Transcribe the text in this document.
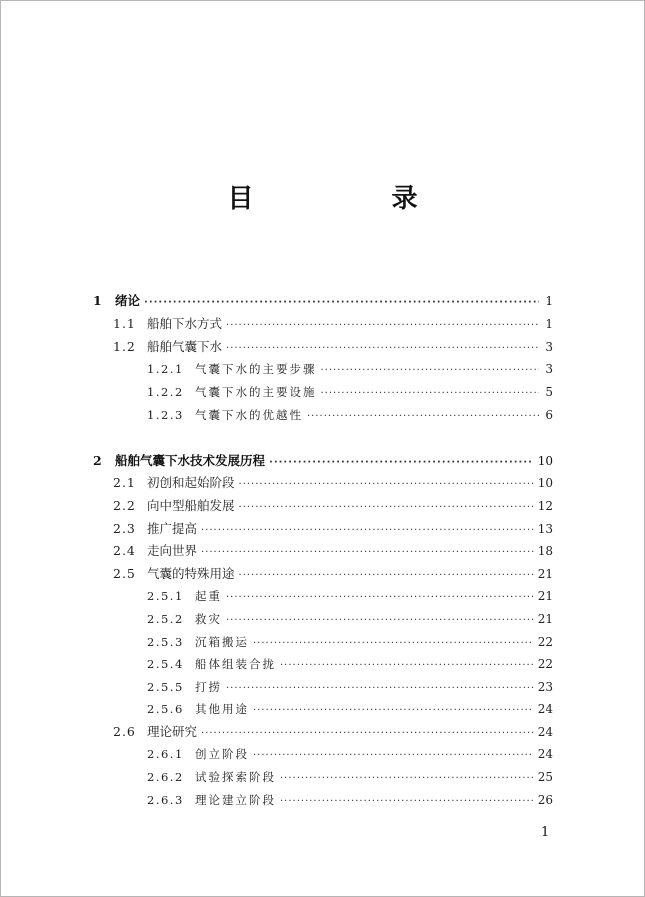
目　录
1	绪论 ·····	1
1.1 船舶下水方式 ·····	1
1.2 船舶气囊下水 ·····	3
1.2.1 气囊下水的主要步骤 ·····	3
1.2.2 气囊下水的主要设施 ·····	5
1.2.3 气囊下水的优越性 ·····	6
2	船舶气囊下水技术发展历程 ·····	10
2.1 初创和起始阶段 ·····	10
2.2 向中型船舶发展 ·····	12
2.3 推广提高 ·····	13
2.4 走向世界 ·····	18
2.5 气囊的特殊用途 ·····	21
2.5.1 起重 ·····	21
2.5.2 救灾 ·····	21
2.5.3 沉箱搬运 ·····	22
2.5.4 船体组装合拢 ·····	22
2.5.5 打捞 ·····	23
2.5.6 其他用途 ·····	24
2.6 理论研究 ·····	24
2.6.1 创立阶段 ·····	24
2.6.2 试验探索阶段 ·····	25
2.6.3 理论建立阶段 ·····	26
1
